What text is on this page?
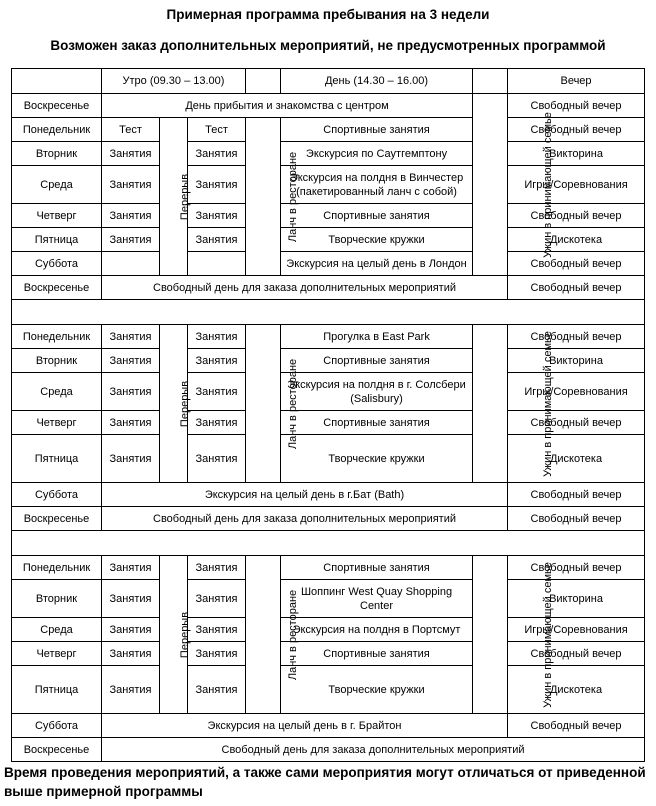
Примерная программа пребывания на 3 недели
Возможен заказ дополнительных мероприятий, не предусмотренных программой
	Утро (09.30 – 13.00)				День (14.30 – 16.00)		Вечер
Воскресенье	День прибытия и знакомства с центром					Ужин в принимающей семье	Свободный вечер
Понедельник	Тест	Перерыв	Тест	Ланч в ресторане	Спортивные занятия		Свободный вечер
Вторник	Занятия		Занятия		Экскурсия по Саутгемптону		Викторина
Среда	Занятия		Занятия		Экскурсия на полдня в Винчестер (пакетированный ланч с собой)		Игры/Соревнования
Четверг	Занятия		Занятия		Спортивные занятия		Свободный вечер
Пятница	Занятия		Занятия		Творческие кружки		Дискотека
Суббота					Экскурсия на целый день в Лондон		Свободный вечер
Воскресенье	Свободный день для заказа дополнительных мероприятий						Свободный вечер

Понедельник	Занятия	Перерыв	Занятия	Ланч в ресторане	Прогулка в East Park	Ужин в принимающей семье	Свободный вечер
Вторник	Занятия		Занятия		Спортивные занятия		Викторина
Среда	Занятия		Занятия		Экскурсия на полдня в г. Солсбери (Salisbury)		Игры/Соревнования
Четверг	Занятия		Занятия		Спортивные занятия		Свободный вечер
Пятница	Занятия		Занятия		Творческие кружки		Дискотека
Суббота	Экскурсия на целый день в г.Бат (Bath)						Свободный вечер
Воскресенье	Свободный день для заказа дополнительных мероприятий						Свободный вечер

Понедельник	Занятия	Перерыв	Занятия	Ланч в ресторане	Спортивные занятия	Ужин в принимающей семье	Свободный вечер
Вторник	Занятия		Занятия		Шоппинг West Quay Shopping Center		Викторина
Среда	Занятия		Занятия		Экскурсия на полдня в Портсмут		Игры/Соревнования
Четверг	Занятия		Занятия		Спортивные занятия		Свободный вечер
Пятница	Занятия		Занятия		Творческие кружки		Дискотека
Суббота	Экскурсия на целый день в г. Брайтон						Свободный вечер
Воскресенье	Свободный день для заказа дополнительных мероприятий						
Время проведения мероприятий, а также сами мероприятия могут отличаться от приведенной выше примерной программы
